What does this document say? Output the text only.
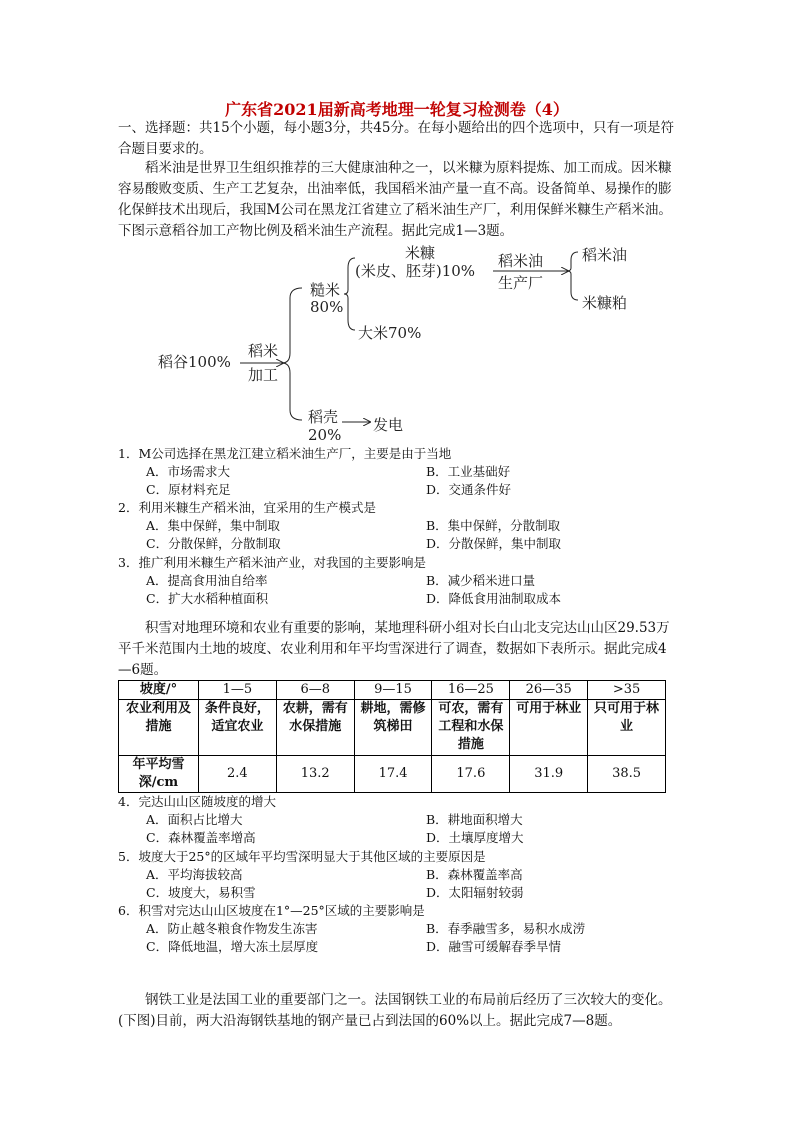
广东省2021届新高考地理一轮复习检测卷（4）
一、选择题：共15个小题，每小题3分，共45分。在每小题给出的四个选项中，只有一项是符合题目要求的。
稻米油是世界卫生组织推荐的三大健康油种之一，以米糠为原料提炼、加工而成。因米糠容易酸败变质、生产工艺复杂，出油率低，我国稻米油产量一直不高。设备简单、易操作的膨化保鲜技术出现后，我国M公司在黑龙江省建立了稻米油生产厂，利用保鲜米糠生产稻米油。下图示意稻谷加工产物比例及稻米油生产流程。据此完成1—3题。
稻谷100%
稻米
加工
糙米
80%
米糠
(米皮、胚芽)10%
稻米油
生产厂
稻米油
米糠粕
大米70%
稻壳
20%
发电
1．M公司选择在黑龙江建立稻米油生产厂，主要是由于当地
A．市场需求大	B．工业基础好
C．原材料充足	D．交通条件好
2．利用米糠生产稻米油，宜采用的生产模式是
A．集中保鲜，集中制取	B．集中保鲜，分散制取
C．分散保鲜，分散制取	D．分散保鲜，集中制取
3．推广利用米糠生产稻米油产业，对我国的主要影响是
A．提高食用油自给率	B．减少稻米进口量
C．扩大水稻种植面积	D．降低食用油制取成本
积雪对地理环境和农业有重要的影响，某地理科研小组对长白山北支完达山山区29.53万平千米范围内土地的坡度、农业利用和年平均雪深进行了调查，数据如下表所示。据此完成4—6题。
坡度/°	1—5	6—8	9—15	16—25	26—35	>35
农业利用及措施	条件良好，适宜农业	农耕，需有水保措施	耕地，需修筑梯田	可农，需有工程和水保措施	可用于林业	只可用于林业
年平均雪深/cm	2.4	13.2	17.4	17.6	31.9	38.5
4．完达山山区随坡度的增大
A．面积占比增大	B．耕地面积增大
C．森林覆盖率增高	D．土壤厚度增大
5．坡度大于25°的区域年平均雪深明显大于其他区域的主要原因是
A．平均海拔较高	B．森林覆盖率高
C．坡度大，易积雪	D．太阳辐射较弱
6．积雪对完达山山区坡度在1°—25°区域的主要影响是
A．防止越冬粮食作物发生冻害	B．春季融雪多，易积水成涝
C．降低地温，增大冻土层厚度	D．融雪可缓解春季旱情
钢铁工业是法国工业的重要部门之一。法国钢铁工业的布局前后经历了三次较大的变化。(下图)目前，两大沿海钢铁基地的钢产量已占到法国的60%以上。据此完成7—8题。
